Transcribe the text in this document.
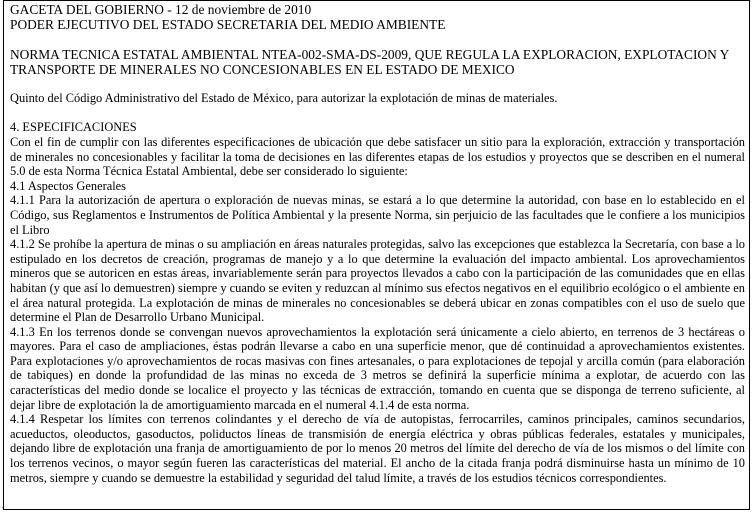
GACETA DEL GOBIERNO - 12 de noviembre de 2010
PODER EJECUTIVO DEL ESTADO SECRETARIA DEL MEDIO AMBIENTE
NORMA TECNICA ESTATAL AMBIENTAL NTEA-002-SMA-DS-2009, QUE REGULA LA EXPLORACION, EXPLOTACION Y
TRANSPORTE DE MINERALES NO CONCESIONABLES EN EL ESTADO DE MEXICO
Quinto del Código Administrativo del Estado de México, para autorizar la explotación de minas de materiales.
4. ESPECIFICACIONES

Con el fin de cumplir con las diferentes especificaciones de ubicación que debe satisfacer un sitio para la exploración, extracción y transportación de minerales no concesionables y facilitar la toma de decisiones en las diferentes etapas de los estudios y proyectos que se describen en el numeral 5.0 de esta Norma Técnica Estatal Ambiental, debe ser considerado lo siguiente:

4.1 Aspectos Generales

4.1.1 Para la autorización de apertura o exploración de nuevas minas, se estará a lo que determine la autoridad, con base en lo establecido en el Código, sus Reglamentos e Instrumentos de Política Ambiental y la presente Norma, sin perjuicio de las facultades que le confiere a los municipios el Libro

4.1.2 Se prohíbe la apertura de minas o su ampliación en áreas naturales protegidas, salvo las excepciones que establezca la Secretaría, con base a lo estipulado en los decretos de creación, programas de manejo y a lo que determine la evaluación del impacto ambiental. Los aprovechamientos mineros que se autoricen en estas áreas, invariablemente serán para proyectos llevados a cabo con la participación de las comunidades que en ellas habitan (y que así lo demuestren) siempre y cuando se eviten y reduzcan al mínimo sus efectos negativos en el equilibrio ecológico o el ambiente en el área natural protegida. La explotación de minas de minerales no concesionables se deberá ubicar en zonas compatibles con el uso de suelo que determine el Plan de Desarrollo Urbano Municipal.

4.1.3 En los terrenos donde se convengan nuevos aprovechamientos la explotación será únicamente a cielo abierto, en terrenos de 3 hectáreas o mayores. Para el caso de ampliaciones, éstas podrán llevarse a cabo en una superficie menor, que dé continuidad a aprovechamientos existentes. Para explotaciones y/o aprovechamientos de rocas masivas con fines artesanales, o para explotaciones de tepojal y arcilla común (para elaboración de tabiques) en donde la profundidad de las minas no exceda de 3 metros se definirá la superficie mínima a explotar, de acuerdo con las características del medio donde se localice el proyecto y las técnicas de extracción, tomando en cuenta que se disponga de terreno suficiente, al dejar libre de explotación la de amortiguamiento marcada en el numeral 4.1.4 de esta norma.

4.1.4 Respetar los límites con terrenos colindantes y el derecho de vía de autopistas, ferrocarriles, caminos principales, caminos secundarios, acueductos, oleoductos, gasoductos, poliductos líneas de transmisión de energía eléctrica y obras públicas federales, estatales y municipales, dejando libre de explotación una franja de amortiguamiento de por lo menos 20 metros del límite del derecho de vía de los mismos o del límite con los terrenos vecinos, o mayor según fueren las características del material. El ancho de la citada franja podrá disminuirse hasta un mínimo de 10 metros, siempre y cuando se demuestre la estabilidad y seguridad del talud límite, a través de los estudios técnicos correspondientes.

'
